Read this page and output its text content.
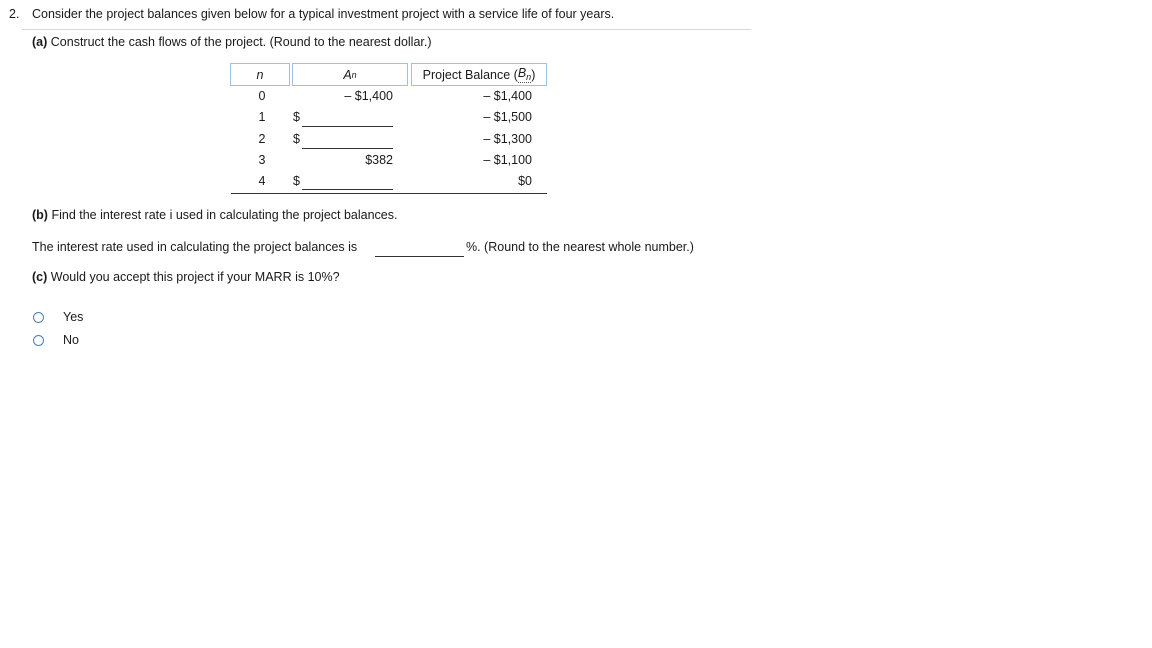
2. Consider the project balances given below for a typical investment project with a service life of four years.
(a) Construct the cash flows of the project. (Round to the nearest dollar.)
n	A n	Project Balance ( $B_n$ )
0	– $1,400	– $1,400
1	$	– $1,500
2	$	– $1,300
3	$382	– $1,100
4	$	$0
(b) Find the interest rate i used in calculating the project balances.
The interest rate used in calculating the project balances is	%. (Round to the nearest whole number.)
(c) Would you accept this project if your MARR is 10%?
Yes
No
